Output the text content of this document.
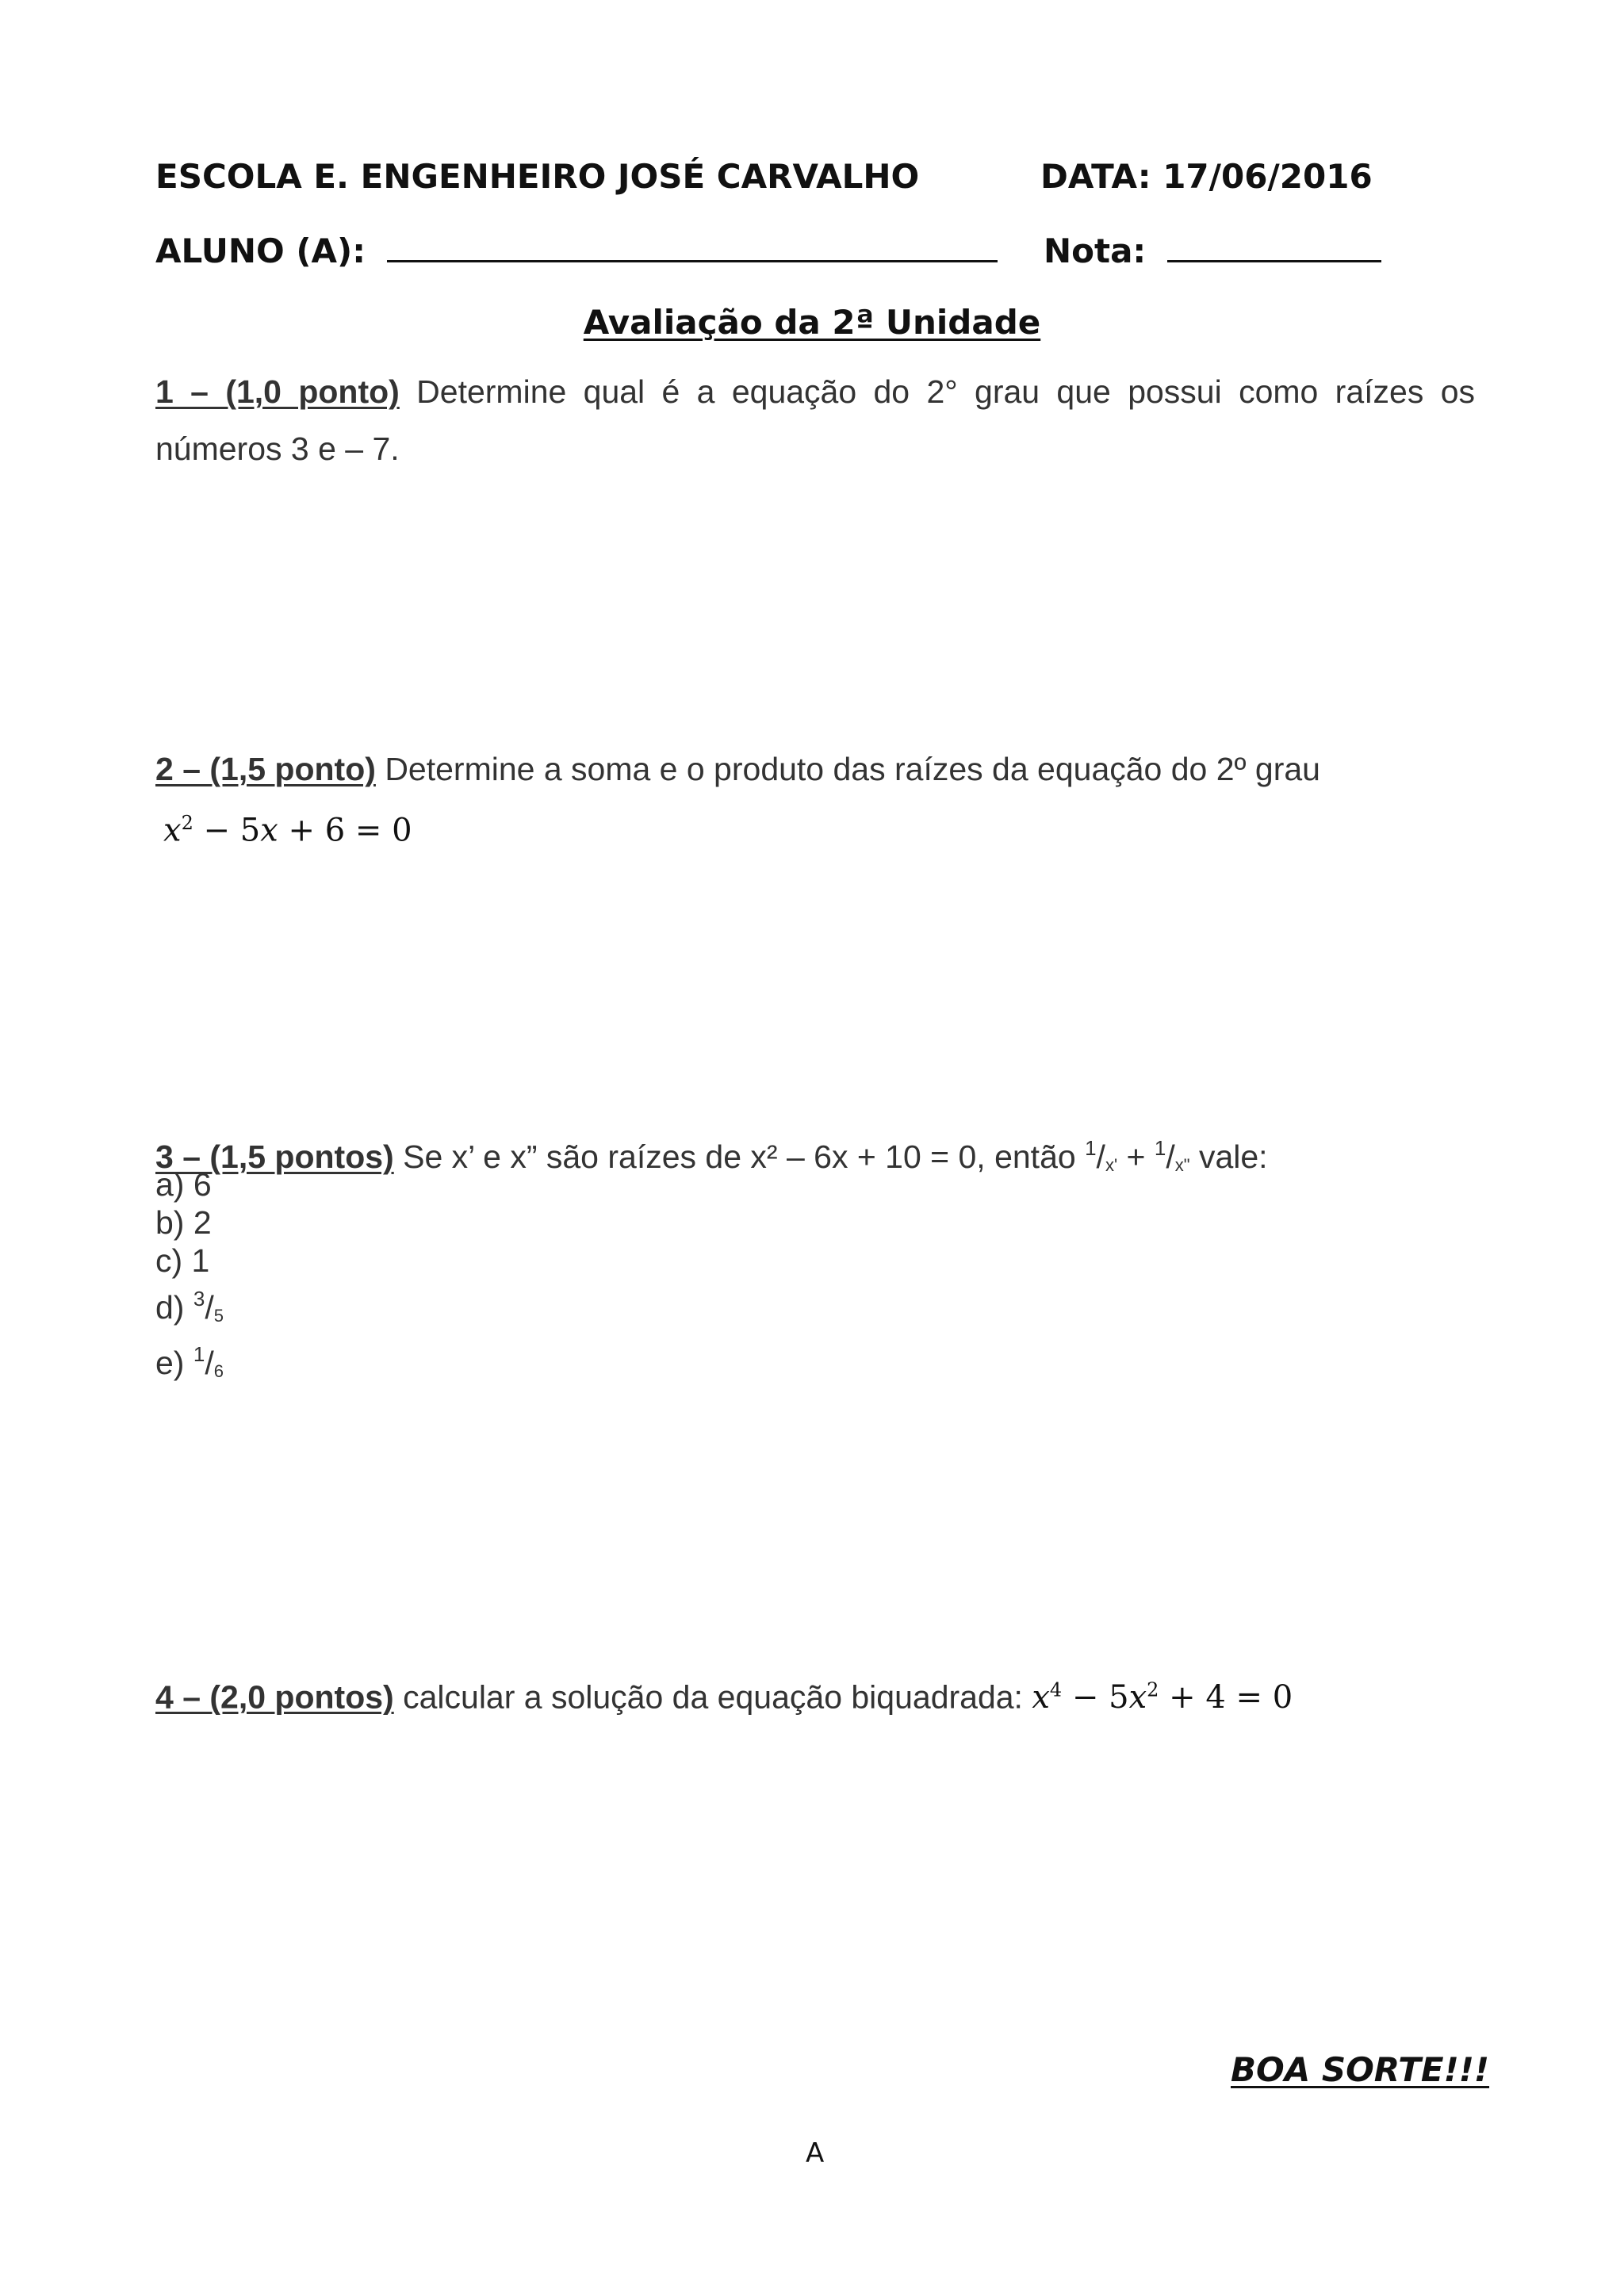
ESCOLA E. ENGENHEIRO JOSÉ CARVALHO	DATA: 17/06/2016
ALUNO (A):	Nota:
Avaliação da 2ª Unidade
1 – (1,0 ponto) Determine qual é a equação do 2° grau que possui como raízes os
números 3 e – 7.
2 – (1,5 ponto) Determine a soma e o produto das raízes da equação do 2º grau
$x^2 - 5x + 6 = 0$
3 – (1,5 pontos) Se x’ e x” são raízes de x² – 6x + 10 = 0, então $^1$/x' + $^1$/x" vale:
a) 6
b) 2
c) 1
d) $^3$/5
e) $^1$/6
4 – (2,0 pontos) calcular a solução da equação biquadrada: $x^4 - 5x^2 + 4 = 0$
BOA SORTE!!!
A
